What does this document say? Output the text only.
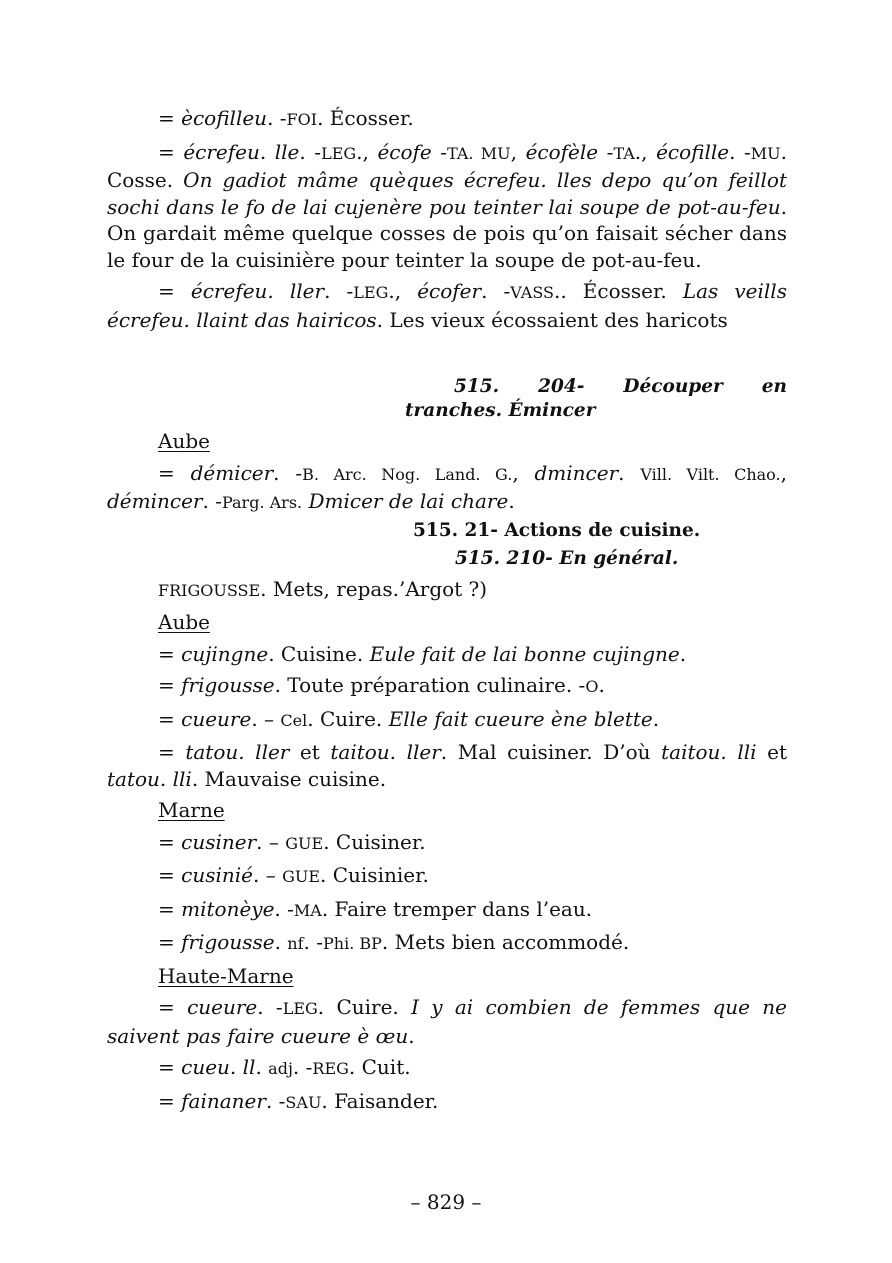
= ècofilleu. -FOI. Écosser.

= écrefeu. lle. -LEG., écofe -TA. MU, écofèle -TA., écofille. -MU. Cosse. On gadiot mâme quèques écrefeu. lles depo qu’on feillot sochi dans le fo de lai cujenère pou teinter lai soupe de pot-au-feu. On gardait même quelque cosses de pois qu’on faisait sécher dans le four de la cuisinière pour teinter la soupe de pot-au-feu.

= écrefeu. ller. -LEG., écofer. -VASS.. Écosser. Las veills écrefeu. llaint das hairicos. Les vieux écossaient des haricots

515. 204- Découper en

tranches. Émincer

Aube

= démicer. -B. Arc. Nog. Land. G., dmincer. Vill. Vilt. Chao., démincer. -Parg. Ars. Dmicer de lai chare.

515. 21- Actions de cuisine.

515. 210- En général.

FRIGOUSSE. Mets, repas.’Argot ?)

Aube

= cujingne. Cuisine. Eule fait de lai bonne cujingne.

= frigousse. Toute préparation culinaire. -O.

= cueure. – Cel. Cuire. Elle fait cueure ène blette.

= tatou. ller et taitou. ller. Mal cuisiner. D’où taitou. lli et tatou. lli. Mauvaise cuisine.

Marne

= cusiner. – GUE. Cuisiner.

= cusinié. – GUE. Cuisinier.

= mitonèye. -MA. Faire tremper dans l’eau.

= frigousse. nf. -Phi. BP. Mets bien accommodé.

Haute-Marne

= cueure. -LEG. Cuire. I y ai combien de femmes que ne saivent pas faire cueure è œu.

= cueu. ll. adj. -REG. Cuit.

= fainaner. -SAU. Faisander.

– 829 –
